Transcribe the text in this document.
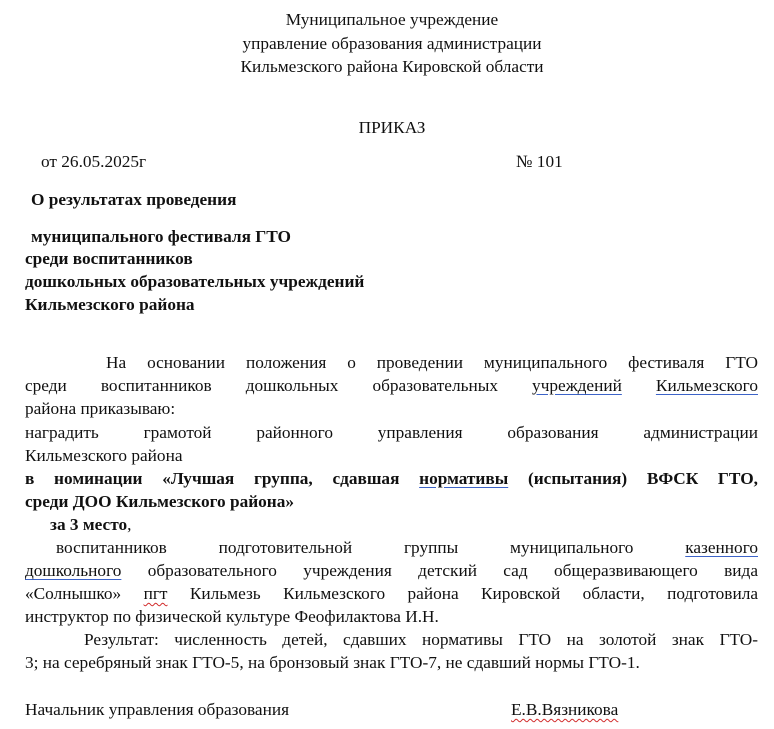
Муниципальное учреждение
управление образования администрации
Кильмезского района Кировской области
ПРИКАЗ
от 26.05.2025г	№ 101
О результатах проведения
муниципального фестиваля ГТО
среди воспитанников
дошкольных образовательных учреждений
Кильмезского района
На основании положения о проведении муниципального фестиваля ГТО
среди воспитанников дошкольных образовательных учреждений Кильмезского
района приказываю:
наградить грамотой районного управления образования администрации
Кильмезского района
в номинации «Лучшая группа, сдавшая нормативы (испытания) ВФСК ГТО,
среди ДОО Кильмезского района»
за 3 место,
воспитанников подготовительной группы муниципального	казенного
дошкольного образовательного учреждения детский сад общеразвивающего вида
«Солнышко» пгт Кильмезь Кильмезского района Кировской области, подготовила
инструктор по физической культуре Феофилактова И.Н.
Результат: численность детей, сдавших нормативы ГТО на золотой знак ГТО-
3; на серебряный знак ГТО-5, на бронзовый знак ГТО-7, не сдавший нормы ГТО-1.
Начальник управления образования	Е.В.Вязникова
